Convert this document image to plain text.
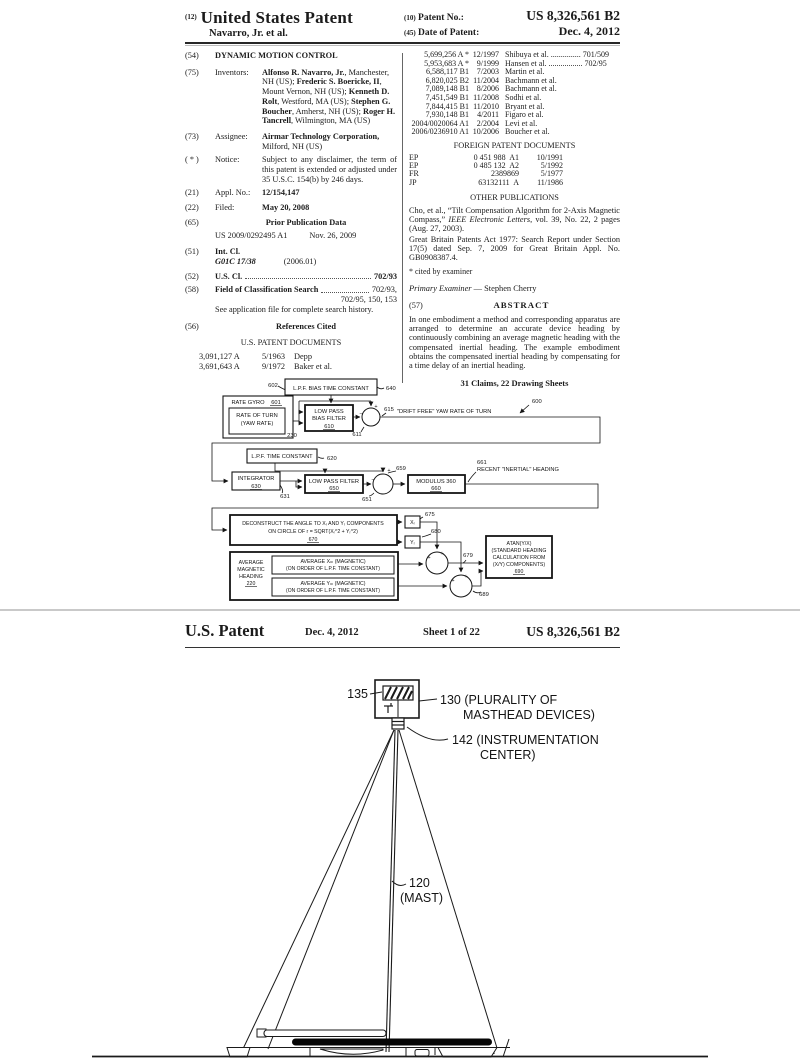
$^{(12)}$ United States Patent
Navarro, Jr. et al.
(10)
Patent No.:	US 8,326,561 B2
(45)
Date of Patent:	Dec. 4, 2012
(54)	DYNAMIC MOTION CONTROL
(75)	Inventors:	Alfonso R. Navarro, Jr., Manchester, NH (US); Frederic S. Boericke, II, Mount Vernon, NH (US); Kenneth D. Rolt, Westford, MA (US); Stephen G. Boucher, Amherst, NH (US); Roger H. Tancrell, Wilmington, MA (US)
(73)	Assignee:	Airmar Technology Corporation, Milford, NH (US)
( * )	Notice:	Subject to any disclaimer, the term of this patent is extended or adjusted under 35 U.S.C. 154(b) by 246 days.
(21)	Appl. No.:	12/154,147
(22)	Filed:	May 20, 2008
(65)	Prior Publication Data
US 2009/0292495 A1	Nov. 26, 2009
(51)	Int. Cl.
G01C 17/38	(2006.01)
(52)	U.S. Cl.	702/93
(58)	Field of Classification Search	702/93,
702/95, 150, 153
See application file for complete search history.
(56)	References Cited
U.S. PATENT DOCUMENTS
3,091,127 A	5/1963 Depp
3,691,643 A	9/1972 Baker et al.
5,699,256 A * 12/1997 Shibuya et al. ............... 701/509
5,953,683 A * 9/1999 Hansen et al. ................. 702/95
6,588,117 B1 7/2003 Martin et al.
6,820,025 B2 11/2004 Bachmann et al.
7,089,148 B1 8/2006 Bachmann et al.
7,451,549 B1 11/2008 Sodhi et al.
7,844,415 B1 11/2010 Bryant et al.
7,930,148 B1	4/2011 Figaro et al.
2004/0020064 A1 2/2004 Levi et al.
2006/0236910 A1 10/2006 Boucher et al.
FOREIGN PATENT DOCUMENTS
EP	0 451 988  A1	10/1991
EP	0 485 132  A2	5/1992
FR	2389869	5/1977
JP	63132111  A	11/1986
OTHER PUBLICATIONS

Cho, et al., “Tilt Compensation Algorithm for 2-Axis Magnetic Compass,” IEEE Electronic Letters, vol. 39, No. 22, 2 pages (Aug. 27, 2003).

Great Britain Patents Act 1977: Search Report under Section 17(5) dated Sep. 7, 2009 for Great Britain Appl. No. GB0908387.4.

* cited by examiner
Primary Examiner — Stephen Cherry
(57)	ABSTRACT

In one embodiment a method and corresponding apparatus are arranged to determine an accurate device heading by continuously combining an average magnetic heading with the compensated inertial heading. The example embodiment obtains the compensated inertial heading by compensating for a time delay of an inertial heading.

31 Claims, 22 Drawing Sheets
L.P.F. BIAS TIME CONSTANT
602	640
RATE GYRO 601
RATE OF TURN
(YAW RATE)
230
LOW PASS
BIAS FILTER
610
+
−
611
615 "DRIFT FREE" YAW RATE OF TURN
600
L.P.F. TIME CONSTANT 620
INTEGRATOR
630
631
LOW PASS FILTER
650
+
−
651
659
MODULUS 360
660
661
RECENT "INERTIAL" HEADING
DECONSTRUCT THE ANGLE TO Xᵣ AND Yᵣ COMPONENTS
ON CIRCLE OF r = SQRT(Xᵣ^2 + Yᵣ^2)
670
Xᵣ
675
Yᵣ
680
AVERAGE
MAGNETIC
HEADING
220
AVERAGE Xₘ (MAGNETIC)
(ON ORDER OF L.P.F. TIME CONSTANT)
AVERAGE Yₘ (MAGNETIC)
(ON ORDER OF L.P.F. TIME CONSTANT)
+
+
+
+
679
689
ATAN(Y/X)
(STANDARD HEADING
CALCULATION FROM
(X/Y) COMPONENTS)
690
U.S. Patent	Dec. 4, 2012	Sheet 1 of 22	US 8,326,561 B2
135	130 (PLURALITY OF
MASTHEAD DEVICES)
142 (INSTRUMENTATION
CENTER)
120
(MAST)
